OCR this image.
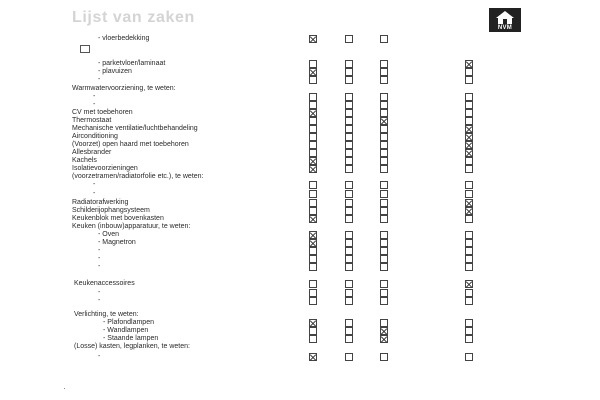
Lijst van zaken
NVM
- vloerbedekking
- parketvloer/laminaat
- plavuizen
-
Warmwatervoorziening, te weten:
-
-
CV met toebehoren
Thermostaat
Mechanische ventilatie/luchtbehandeling
Airconditioning
(Voorzet) open haard met toebehoren
Allesbrander
Kachels
Isolatievoorzieningen
(voorzetramen/radiatorfolie etc.), te weten:
-
-
Radiatorafwerking
Schilderijophangsysteem
Keukenblok met bovenkasten
Keuken (inbouw)apparatuur, te weten:
- Oven
- Magnetron
-
-
-
Keukenaccessoires
-
-
Verlichting, te weten:
- Plafondlampen
- Wandlampen
- Staande lampen
(Losse) kasten, legplanken, te weten:
-
